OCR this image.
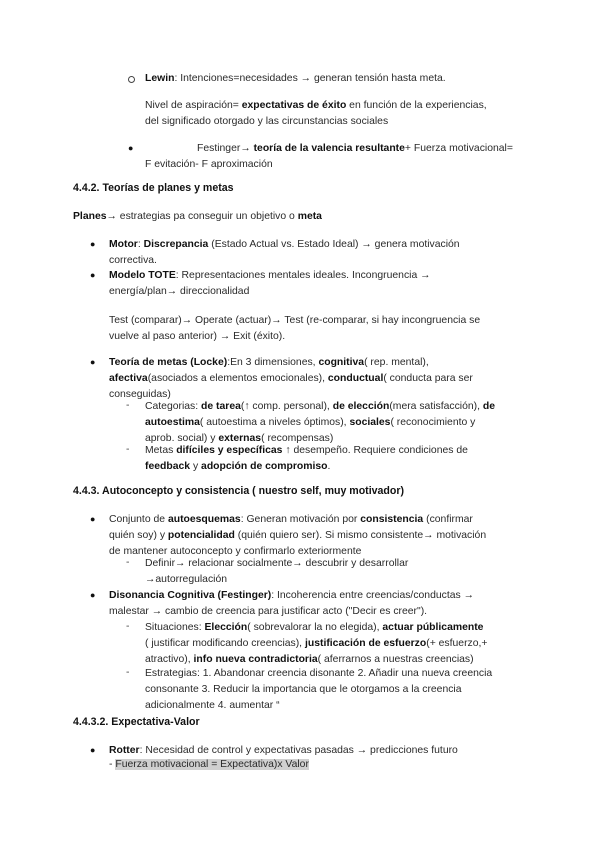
Lewin: Intenciones=necesidades → generan tensión hasta meta.
Nivel de aspiración= expectativas de éxito en función de la experiencias,
del significado otorgado y las circunstancias sociales
●	Festinger→ teoría de la valencia resultante+ Fuerza motivacional=
F evitación- F aproximación
4.4.2. Teorías de planes y metas
Planes→ estrategias pa conseguir un objetivo o meta
● Motor: Discrepancia (Estado Actual vs. Estado Ideal) → genera motivación
correctiva.
● Modelo TOTE: Representaciones mentales ideales. Incongruencia →
energía/plan→ direccionalidad
Test (comparar)→ Operate (actuar)→ Test (re-comparar, si hay incongruencia se
vuelve al paso anterior) → Exit (éxito).
● Teoría de metas (Locke):En 3 dimensiones, cognitiva( rep. mental),
afectiva(asociados a elementos emocionales), conductual( conducta para ser
conseguidas)
- Categorias: de tarea(↑ comp. personal), de elección(mera satisfacción), de
autoestima( autoestima a niveles óptimos), sociales( reconocimiento y
aprob. social) y externas( recompensas)
- Metas difíciles y específicas ↑ desempeño. Requiere condiciones de
feedback y adopción de compromiso.
4.4.3. Autoconcepto y consistencia ( nuestro self, muy motivador)
● Conjunto de autoesquemas: Generan motivación por consistencia (confirmar
quién soy) y potencialidad (quién quiero ser). Si mismo consistente→ motivación
de mantener autoconcepto y confirmarlo exteriormente
- Definir→ relacionar socialmente→ descubrir y desarrollar
→autorregulación
● Disonancia Cognitiva (Festinger): Incoherencia entre creencias/conductas →
malestar → cambio de creencia para justificar acto ("Decir es creer").
- Situaciones: Elección( sobrevalorar la no elegida), actuar públicamente
( justificar modificando creencias), justificación de esfuerzo(+ esfuerzo,+
atractivo), info nueva contradictoria( aferrarnos a nuestras creencias)
- Estrategias: 1. Abandonar creencia disonante 2. Añadir una nueva creencia
consonante 3. Reducir la importancia que le otorgamos a la creencia
adicionalmente 4. aumentar “
4.4.3.2. Expectativa-Valor
● Rotter: Necesidad de control y expectativas pasadas → predicciones futuro
- Fuerza motivacional = Expectativa)x Valor
